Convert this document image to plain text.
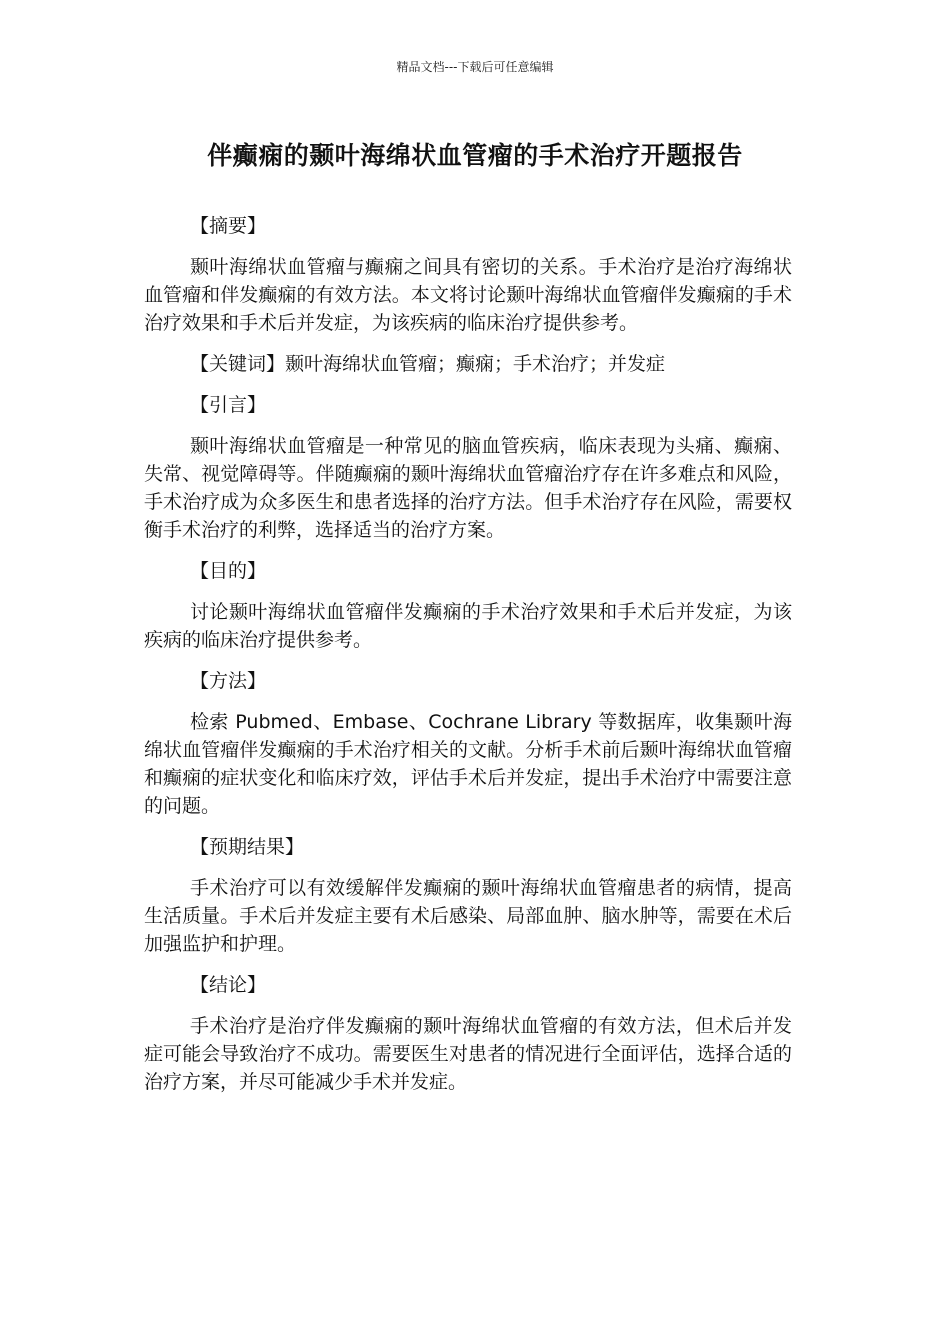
精品文档---下载后可任意编辑
伴癫痫的颞叶海绵状血管瘤的手术治疗开题报告

【摘要】

颞叶海绵状血管瘤与癫痫之间具有密切的关系。手术治疗是治疗海绵状血管瘤和伴发癫痫的有效方法。本文将讨论颞叶海绵状血管瘤伴发癫痫的手术治疗效果和手术后并发症，为该疾病的临床治疗提供参考。

【关键词】颞叶海绵状血管瘤；癫痫；手术治疗；并发症

【引言】

颞叶海绵状血管瘤是一种常见的脑血管疾病，临床表现为头痛、癫痫、失常、视觉障碍等。伴随癫痫的颞叶海绵状血管瘤治疗存在许多难点和风险，手术治疗成为众多医生和患者选择的治疗方法。但手术治疗存在风险，需要权衡手术治疗的利弊，选择适当的治疗方案。

【目的】

讨论颞叶海绵状血管瘤伴发癫痫的手术治疗效果和手术后并发症，为该疾病的临床治疗提供参考。

【方法】

检索 Pubmed、Embase、Cochrane Library 等数据库，收集颞叶海绵状血管瘤伴发癫痫的手术治疗相关的文献。分析手术前后颞叶海绵状血管瘤和癫痫的症状变化和临床疗效，评估手术后并发症，提出手术治疗中需要注意的问题。

【预期结果】

手术治疗可以有效缓解伴发癫痫的颞叶海绵状血管瘤患者的病情，提高生活质量。手术后并发症主要有术后感染、局部血肿、脑水肿等，需要在术后加强监护和护理。

【结论】

手术治疗是治疗伴发癫痫的颞叶海绵状血管瘤的有效方法，但术后并发症可能会导致治疗不成功。需要医生对患者的情况进行全面评估，选择合适的治疗方案，并尽可能减少手术并发症。
